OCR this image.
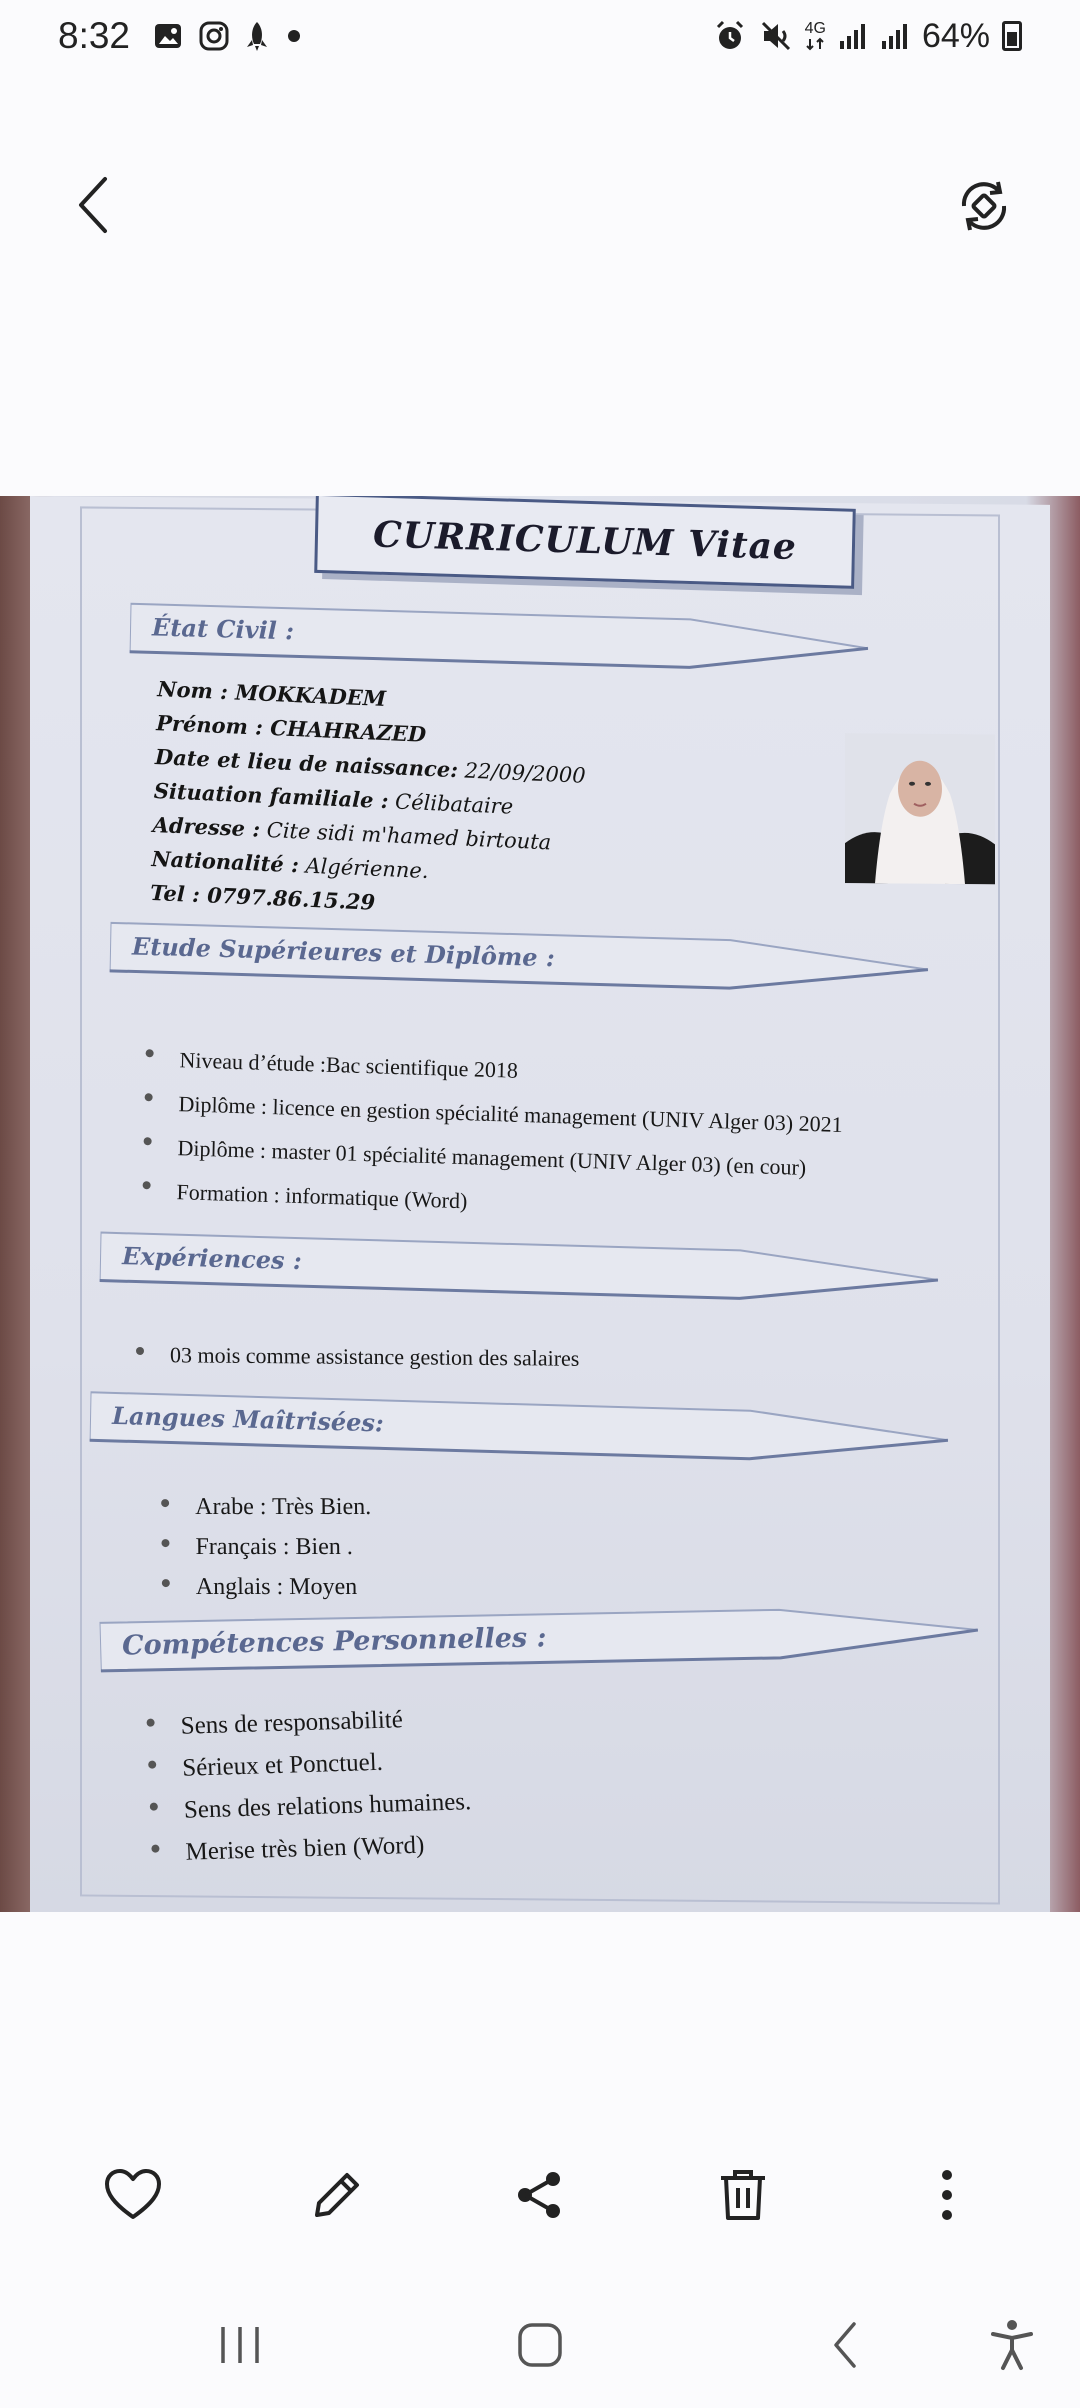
8:32	4G	64%
CURRICULUM Vitae
État Civil :
Nom : MOKKADEM
Prénom : CHAHRAZED
Date et lieu de naissance: 22/09/2000
Situation familiale : Célibataire
Adresse : Cite sidi m'hamed birtouta
Nationalité : Algérienne.
Tel : 0797.86.15.29
Etude Supérieures et Diplôme :
Niveau d’étude :Bac scientifique 2018
Diplôme : licence en gestion spécialité management (UNIV Alger 03) 2021
Diplôme : master 01 spécialité management (UNIV Alger 03) (en cour)
Formation : informatique (Word)
Expériences :
03 mois comme assistance gestion des salaires
Langues Maîtrisées:
Arabe : Très Bien.
Français : Bien .
Anglais : Moyen
Compétences Personnelles :
Sens de responsabilité
Sérieux et Ponctuel.
Sens des relations humaines.
Merise très bien (Word)
